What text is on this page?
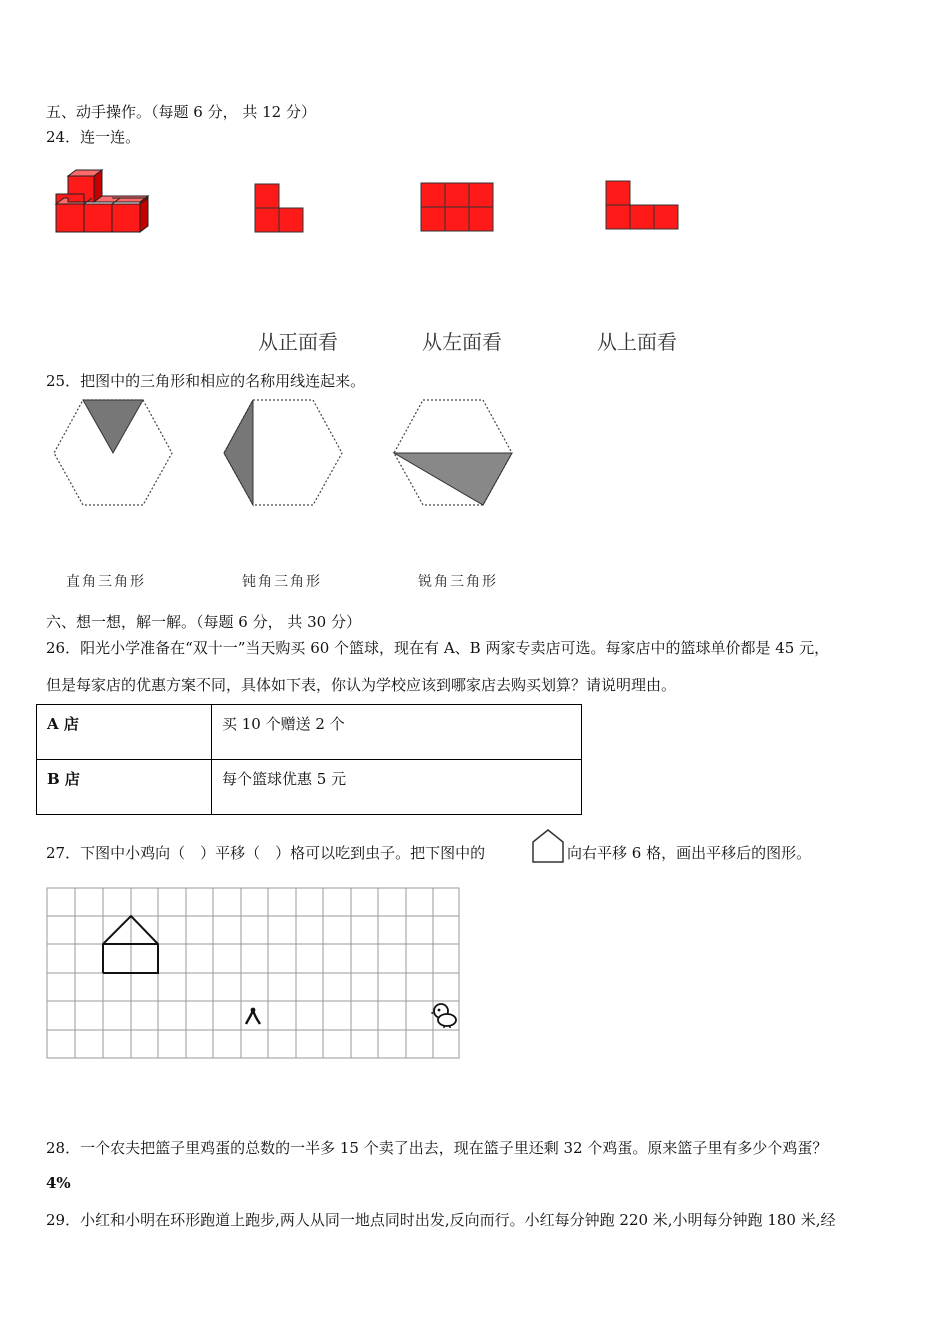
五、动手操作。（每题 6 分， 共 12 分）
24．连一连。
从正面看	从左面看	从上面看
25．把图中的三角形和相应的名称用线连起来。
直角三角形	钝角三角形	锐角三角形
六、想一想，解一解。（每题 6 分， 共 30 分）
26．阳光小学准备在“双十一”当天购买 60 个篮球，现在有 A、B 两家专卖店可选。每家店中的篮球单价都是 45 元，
但是每家店的优惠方案不同，具体如下表，你认为学校应该到哪家店去购买划算？请说明理由。
A 店	买 10 个赠送 2 个
B 店	每个篮球优惠 5 元
27．下图中小鸡向（　）平移（　）格可以吃到虫子。把下图中的	向右平移 6 格，画出平移后的图形。
28．一个农夫把篮子里鸡蛋的总数的一半多 15 个卖了出去，现在篮子里还剩 32 个鸡蛋。原来篮子里有多少个鸡蛋？
4%
29．小红和小明在环形跑道上跑步,两人从同一地点同时出发,反向而行。小红每分钟跑 220 米,小明每分钟跑 180 米,经
